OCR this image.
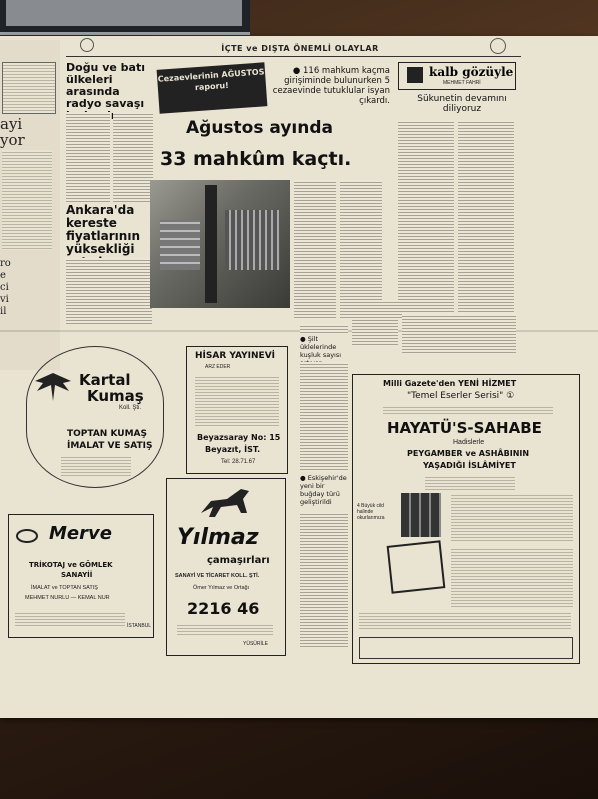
İÇTE ve DIŞTA ÖNEMLİ OLAYLAR
ayi
yor
ro
e
ci
vi
il
Doğu ve batı ülkeleri arasında radyo savaşı
Ankara'da kereste fiyatlarının yüksekliği
Cezaevlerinin AĞUSTOS raporu!
● 116 mahkum kaçma girişiminde bulunurken 5 cezaevinde tutuklular isyan çıkardı.
Ağustos ayında
33 mahkûm kaçtı.
kalb gözüyle
MEHMET FAHRİ
Sükunetin devamını diliyoruz
● Şilt üklelerinde kuşluk sayısı
● Eskişehir'de yeni bir buğday türü geliştirildi
Kartal
Kumaş
Koll. Şti.
TOPTAN KUMAŞ
İMALAT VE SATIŞ
HİSAR YAYINEVİ
ARZ EDER
Beyazsaray No: 15
Beyazıt, İST.
Tel: 28.71.67
Merve
TRİKOTAJ ve GÖMLEK
SANAYİİ
İMALAT ve TOPTAN SATIŞ
MEHMET NURLU — KEMAL NUR
İSTANBUL
Yılmaz
çamaşırları
SANAYİ VE TİCARET KOLL. ŞTİ.
Ömer Yılmaz ve Ortağı
2216 46
YÜSÜRİLE
Milli Gazete'den YENİ HİZMET
"Temel Eserler Serisi" ①
HAYATÜ'S-SAHABE
Hadislerle
PEYGAMBER ve ASHÂBININ
YAŞADIĞI İSLÂMİYET
4 Büyük cild halinde okurlarımıza
